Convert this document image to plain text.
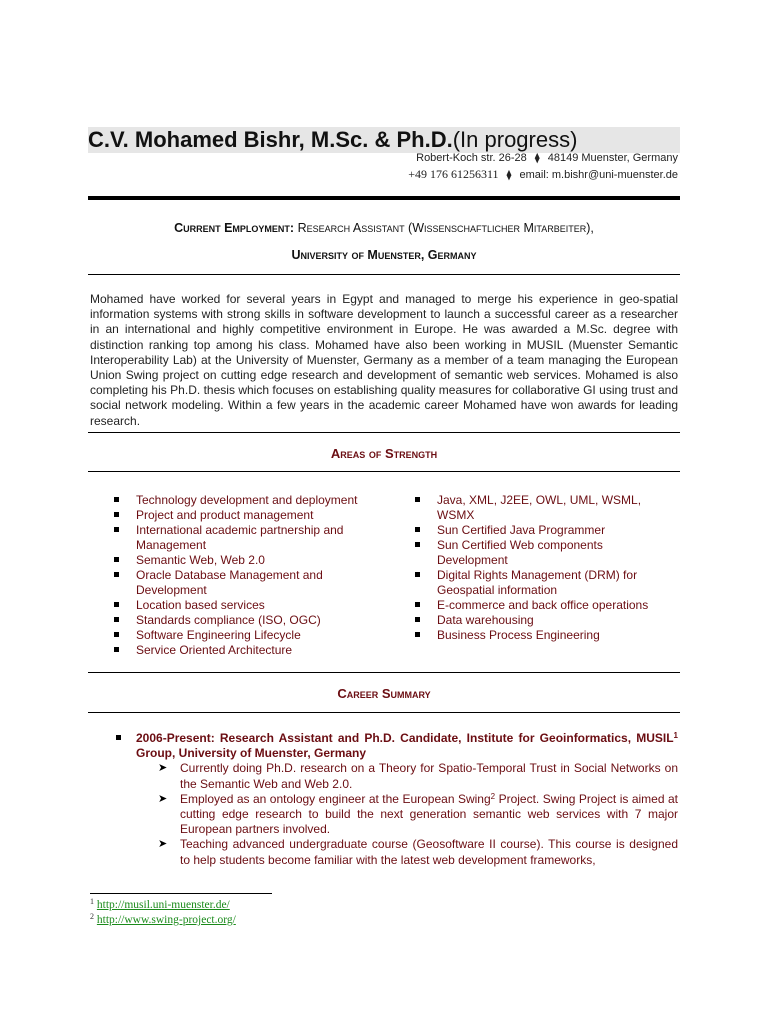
C.V. Mohamed Bishr, M.Sc. & Ph.D.(In progress)
Robert-Koch str. 26-28 ⧫ 48149 Muenster, Germany
+49 176 61256311 ⧫ email: m.bishr@uni-muenster.de
Current Employment: Research Assistant (Wissenschaftlicher Mitarbeiter),
University of Muenster, Germany
Mohamed have worked for several years in Egypt and managed to merge his experience in geo-spatial information systems with strong skills in software development to launch a successful career as a researcher in an international and highly competitive environment in Europe. He was awarded a M.Sc. degree with distinction ranking top among his class. Mohamed have also been working in MUSIL (Muenster Semantic Interoperability Lab) at the University of Muenster, Germany as a member of a team managing the European Union Swing project on cutting edge research and development of semantic web services. Mohamed is also completing his Ph.D. thesis which focuses on establishing quality measures for collaborative GI using trust and social network modeling. Within a few years in the academic career Mohamed have won awards for leading research.
Areas of Strength
Technology development and deployment
Project and product management
International academic partnership and Management
Semantic Web, Web 2.0
Oracle Database Management and Development
Location based services
Standards compliance (ISO, OGC)
Software Engineering Lifecycle
Service Oriented Architecture
Java, XML, J2EE, OWL, UML, WSML, WSMX
Sun Certified Java Programmer
Sun Certified Web components Development
Digital Rights Management (DRM) for Geospatial information
E-commerce and back office operations
Data warehousing
Business Process Engineering
Career Summary
2006-Present: Research Assistant and Ph.D. Candidate, Institute for Geoinformatics, MUSIL$^1$ Group, University of Muenster, Germany
➤ Currently doing Ph.D. research on a Theory for Spatio-Temporal Trust in Social Networks on the Semantic Web and Web 2.0.
➤ Employed as an ontology engineer at the European Swing$^2$ Project. Swing Project is aimed at cutting edge research to build the next generation semantic web services with 7 major European partners involved.
➤ Teaching advanced undergraduate course (Geosoftware II course). This course is designed to help students become familiar with the latest web development frameworks,
$^1$ http://musil.uni-muenster.de/
$^2$ http://www.swing-project.org/
